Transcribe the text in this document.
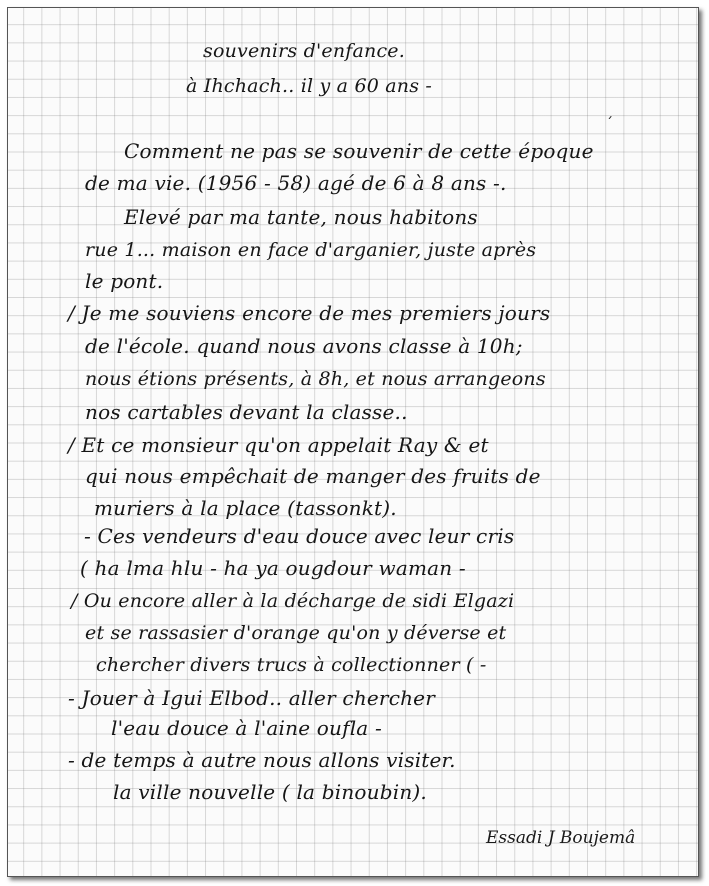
souvenirs d'enfance.
à Ihchach.. il y a 60 ans -
´
Comment ne pas se souvenir de cette époque
de ma vie. (1956 - 58) agé de 6 à 8 ans -.
Elevé par ma tante, nous habitons
rue 1... maison en face d'arganier, juste après
le pont.
/ Je me souviens encore de mes premiers jours
de l'école. quand nous avons classe à 10h;
nous étions présents, à 8h, et nous arrangeons
nos cartables devant la classe..
/ Et ce monsieur qu'on appelait Ray & et
qui nous empêchait de manger des fruits de
muriers à la place (tassonkt).
- Ces vendeurs d'eau douce avec leur cris
( ha lma hlu - ha ya ougdour waman -
/ Ou encore aller à la décharge de sidi Elgazi
et se rassasier d'orange qu'on y déverse et
chercher divers trucs à collectionner ( -
- Jouer à Igui Elbod.. aller chercher
l'eau douce à l'aine oufla -
- de temps à autre nous allons visiter.
la ville nouvelle ( la binoubin).
Essadi J Boujemâ
